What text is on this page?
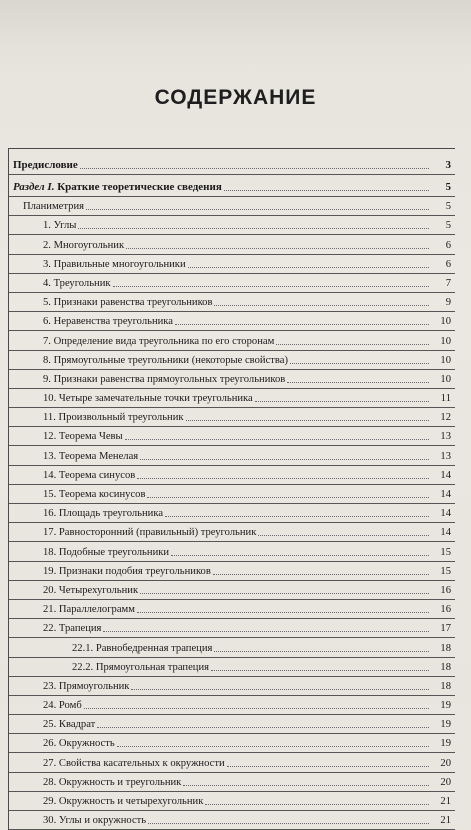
СОДЕРЖАНИЕ
Предисловие	3
Раздел I. Краткие теоретические сведения	5
Планиметрия	5
1. Углы	5
2. Многоугольник	6
3. Правильные многоугольники	6
4. Треугольник	7
5. Признаки равенства треугольников	9
6. Неравенства треугольника	10
7. Определение вида треугольника по его сторонам	10
8. Прямоугольные треугольники (некоторые свойства)	10
9. Признаки равенства прямоугольных треугольников	10
10. Четыре замечательные точки треугольника	11
11. Произвольный треугольник	12
12. Теорема Чевы	13
13. Теорема Менелая	13
14. Теорема синусов	14
15. Теорема косинусов	14
16. Площадь треугольника	14
17. Равносторонний (правильный) треугольник	14
18. Подобные треугольники	15
19. Признаки подобия треугольников	15
20. Четырехугольник	16
21. Параллелограмм	16
22. Трапеция	17
22.1. Равнобедренная трапеция	18
22.2. Прямоугольная трапеция	18
23. Прямоугольник	18
24. Ромб	19
25. Квадрат	19
26. Окружность	19
27. Свойства касательных к окружности	20
28. Окружность и треугольник	20
29. Окружность и четырехугольник	21
30. Углы и окружность	21
